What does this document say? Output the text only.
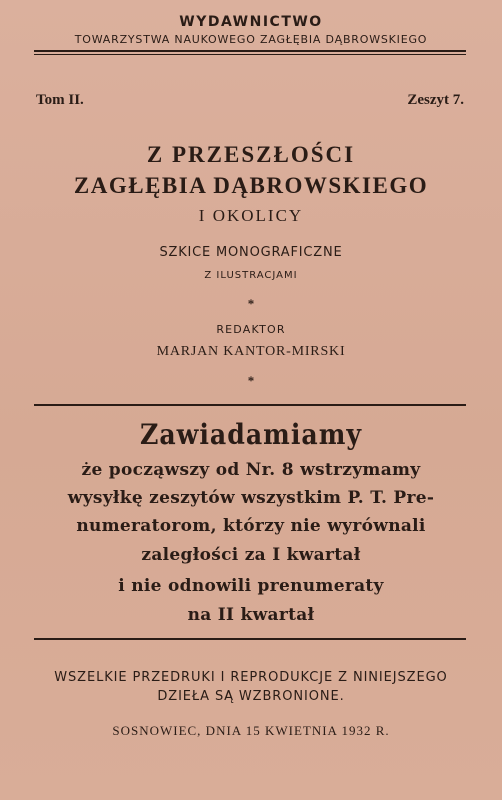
WYDAWNICTWO
TOWARZYSTWA NAUKOWEGO ZAGŁĘBIA DĄBROWSKIEGO
Tom II.	Zeszyt 7.
Z PRZESZŁOŚCI
ZAGŁĘBIA DĄBROWSKIEGO
I OKOLICY
SZKICE MONOGRAFICZNE
Z ILUSTRACJAMI
*
REDAKTOR
MARJAN KANTOR-MIRSKI
*
Zawiadamiamy
że począwszy od Nr. 8 wstrzymamy
wysyłkę zeszytów wszystkim P. T. Pre-
numeratorom, którzy nie wyrównali
zaległości za I kwartał
i nie odnowili prenumeraty
na II kwartał
WSZELKIE PRZEDRUKI I REPRODUKCJE Z NINIEJSZEGO
DZIEŁA SĄ WZBRONIONE.
SOSNOWIEC, DNIA 15 KWIETNIA 1932 R.
